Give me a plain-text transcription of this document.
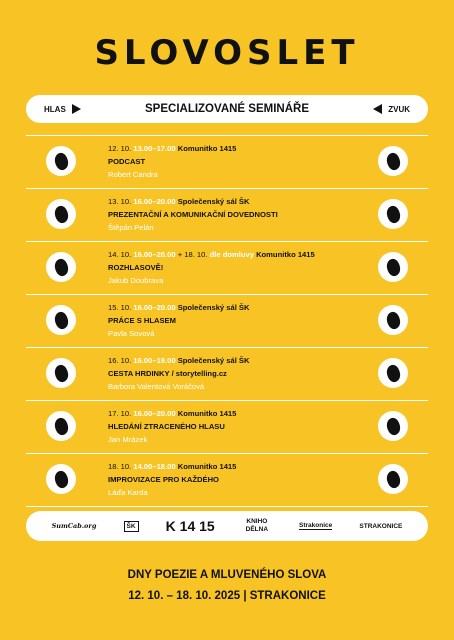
SLOVOSLET
HLAS	SPECIALIZOVANÉ SEMINÁŘE	ZVUK
12. 10. 13.00–17.00 Komunitko 1415
PODCAST
Robert Candra
13. 10. 16.00–20.00 Společenský sál ŠK
PREZENTAČNÍ A KOMUNIKAČNÍ DOVEDNOSTI
Štěpán Pelán
14. 10. 16.00–20.00 + 18. 10. dle domluvy Komunitko 1415
ROZHLASOVĚ!
Jakub Doubrava
15. 10. 16.00–20.00 Společenský sál ŠK
PRÁCE S HLASEM
Pavla Sovová
16. 10. 16.00–19.00 Společenský sál ŠK
CESTA HRDINKY / storytelling.cz
Barbora Valentová Voráčová
17. 10. 16.00–20.00 Komunitko 1415
HLEDÁNÍ ZTRACENÉHO HLASU
Jan Mrázek
18. 10. 14.00–18.00 Komunitko 1415
IMPROVIZACE PRO KAŽDÉHO
Láďa Karda
SumCab.org	ŠK K 14 15	KNIHO DĚLNA
Strakonice	STRAKONICE
DNY POEZIE A MLUVENÉHO SLOVA
12. 10. – 18. 10. 2025 | STRAKONICE
